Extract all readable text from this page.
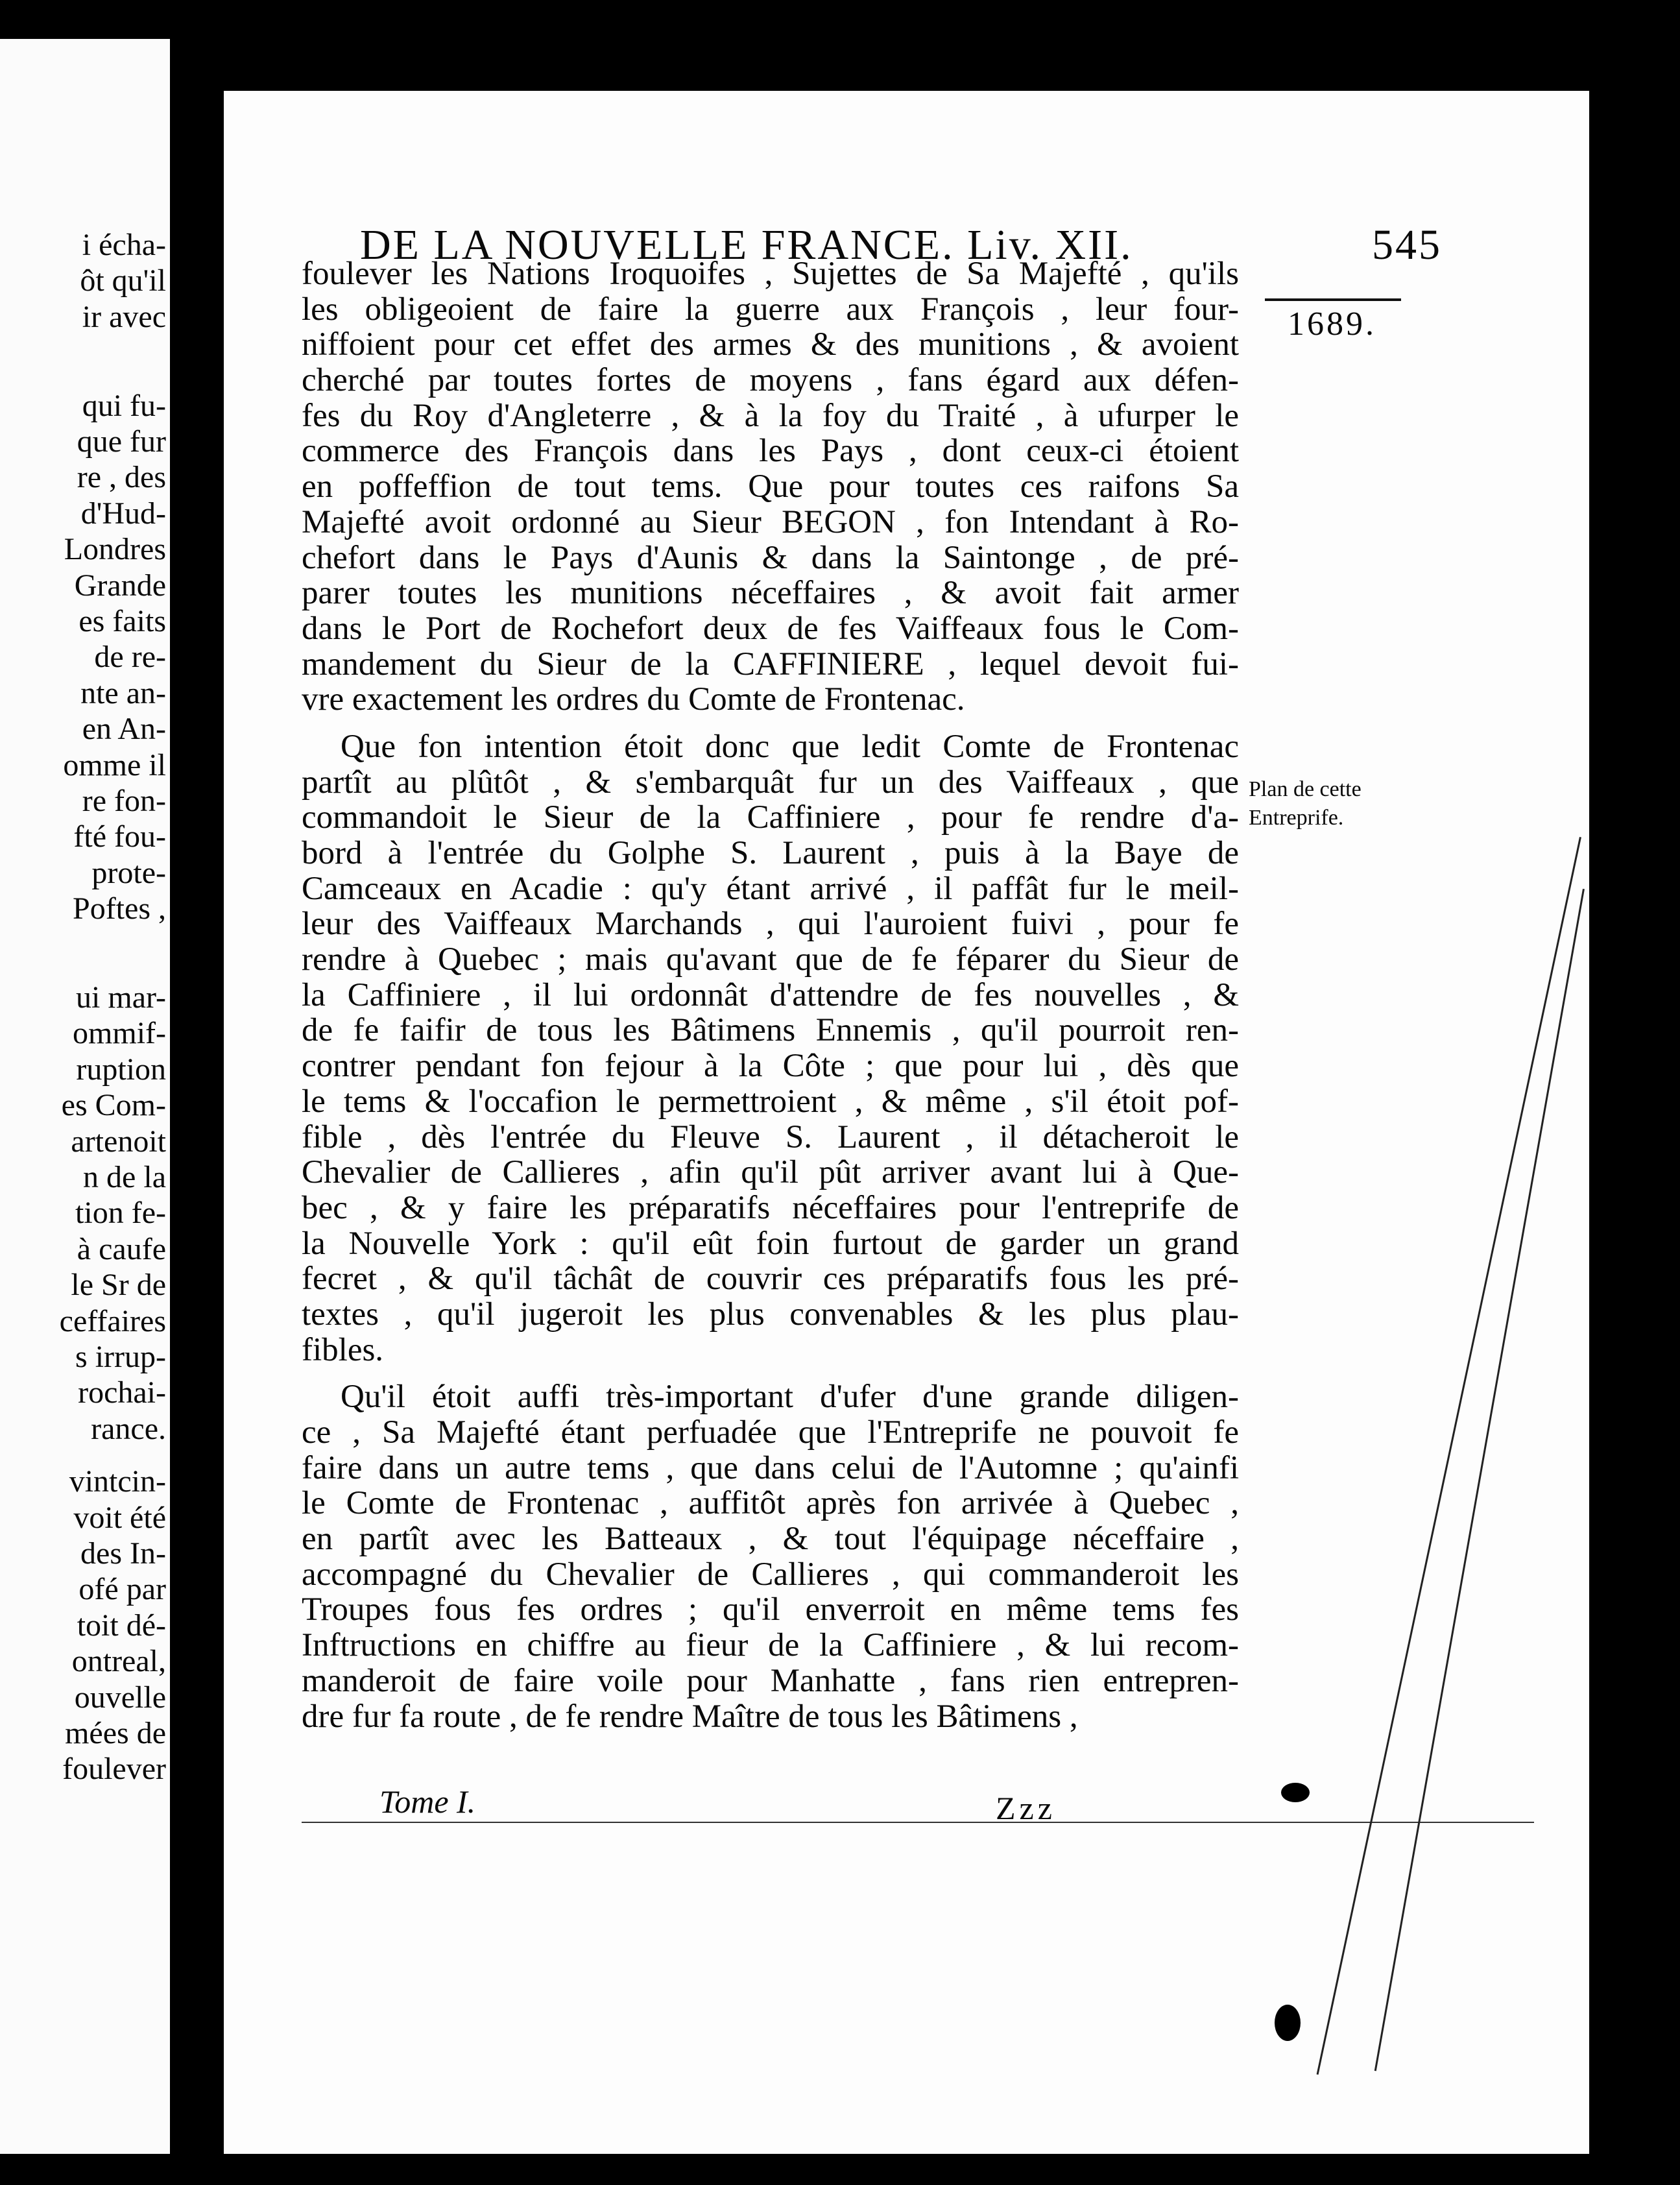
i écha-
ôt qu'il
ir avec
qui fu-
que fur
re , des
d'Hud-
Londres
Grande
es faits
de re-
nte an-
en An-
omme il
re fon-
fté fou-
prote-
Poftes ,
ui mar-
ommif-
ruption
es Com-
artenoit
n de la
tion fe-
à caufe
le Sr de
ceffaires
s irrup-
rochai-
rance.
vintcin-
voit été
des In-
ofé par
toit dé-
ontreal,
ouvelle
mées de
foulever
DE LA NOUVELLE FRANCE. Liv. XII.	545
1689.
Plan de cette
Entreprife.
foulever les Nations Iroquoifes , Sujettes de Sa Majefté , qu'ils
les obligeoient de faire la guerre aux François , leur four-
niffoient pour cet effet des armes & des munitions , & avoient
cherché par toutes fortes de moyens , fans égard aux défen-
fes du Roy d'Angleterre , & à la foy du Traité , à ufurper le
commerce des François dans les Pays , dont ceux-ci étoient
en poffeffion de tout tems. Que pour toutes ces raifons Sa
Majefté avoit ordonné au Sieur BEGON , fon Intendant à Ro-
chefort dans le Pays d'Aunis & dans la Saintonge , de pré-
parer toutes les munitions néceffaires , & avoit fait armer
dans le Port de Rochefort deux de fes Vaiffeaux fous le Com-
mandement du Sieur de la CAFFINIERE , lequel devoit fui-
vre exactement les ordres du Comte de Frontenac.
Que fon intention étoit donc que ledit Comte de Frontenac
partît au plûtôt , & s'embarquât fur un des Vaiffeaux , que
commandoit le Sieur de la Caffiniere , pour fe rendre d'a-
bord à l'entrée du Golphe S. Laurent , puis à la Baye de
Camceaux en Acadie : qu'y étant arrivé , il paffât fur le meil-
leur des Vaiffeaux Marchands , qui l'auroient fuivi , pour fe
rendre à Quebec ; mais qu'avant que de fe féparer du Sieur de
la Caffiniere , il lui ordonnât d'attendre de fes nouvelles , &
de fe faifir de tous les Bâtimens Ennemis , qu'il pourroit ren-
contrer pendant fon fejour à la Côte ; que pour lui , dès que
le tems & l'occafion le permettroient , & même , s'il étoit pof-
fible , dès l'entrée du Fleuve S. Laurent , il détacheroit le
Chevalier de Callieres , afin qu'il pût arriver avant lui à Que-
bec , & y faire les préparatifs néceffaires pour l'entreprife de
la Nouvelle York : qu'il eût foin furtout de garder un grand
fecret , & qu'il tâchât de couvrir ces préparatifs fous les pré-
textes , qu'il jugeroit les plus convenables & les plus plau-
fibles.
Qu'il étoit auffi très-important d'ufer d'une grande diligen-
ce , Sa Majefté étant perfuadée que l'Entreprife ne pouvoit fe
faire dans un autre tems , que dans celui de l'Automne ; qu'ainfi
le Comte de Frontenac , auffitôt après fon arrivée à Quebec ,
en partît avec les Batteaux , & tout l'équipage néceffaire ,
accompagné du Chevalier de Callieres , qui commanderoit les
Troupes fous fes ordres ; qu'il enverroit en même tems fes
Inftructions en chiffre au fieur de la Caffiniere , & lui recom-
manderoit de faire voile pour Manhatte , fans rien entrepren-
dre fur fa route , de fe rendre Maître de tous les Bâtimens ,
Tome I.	Zzz
